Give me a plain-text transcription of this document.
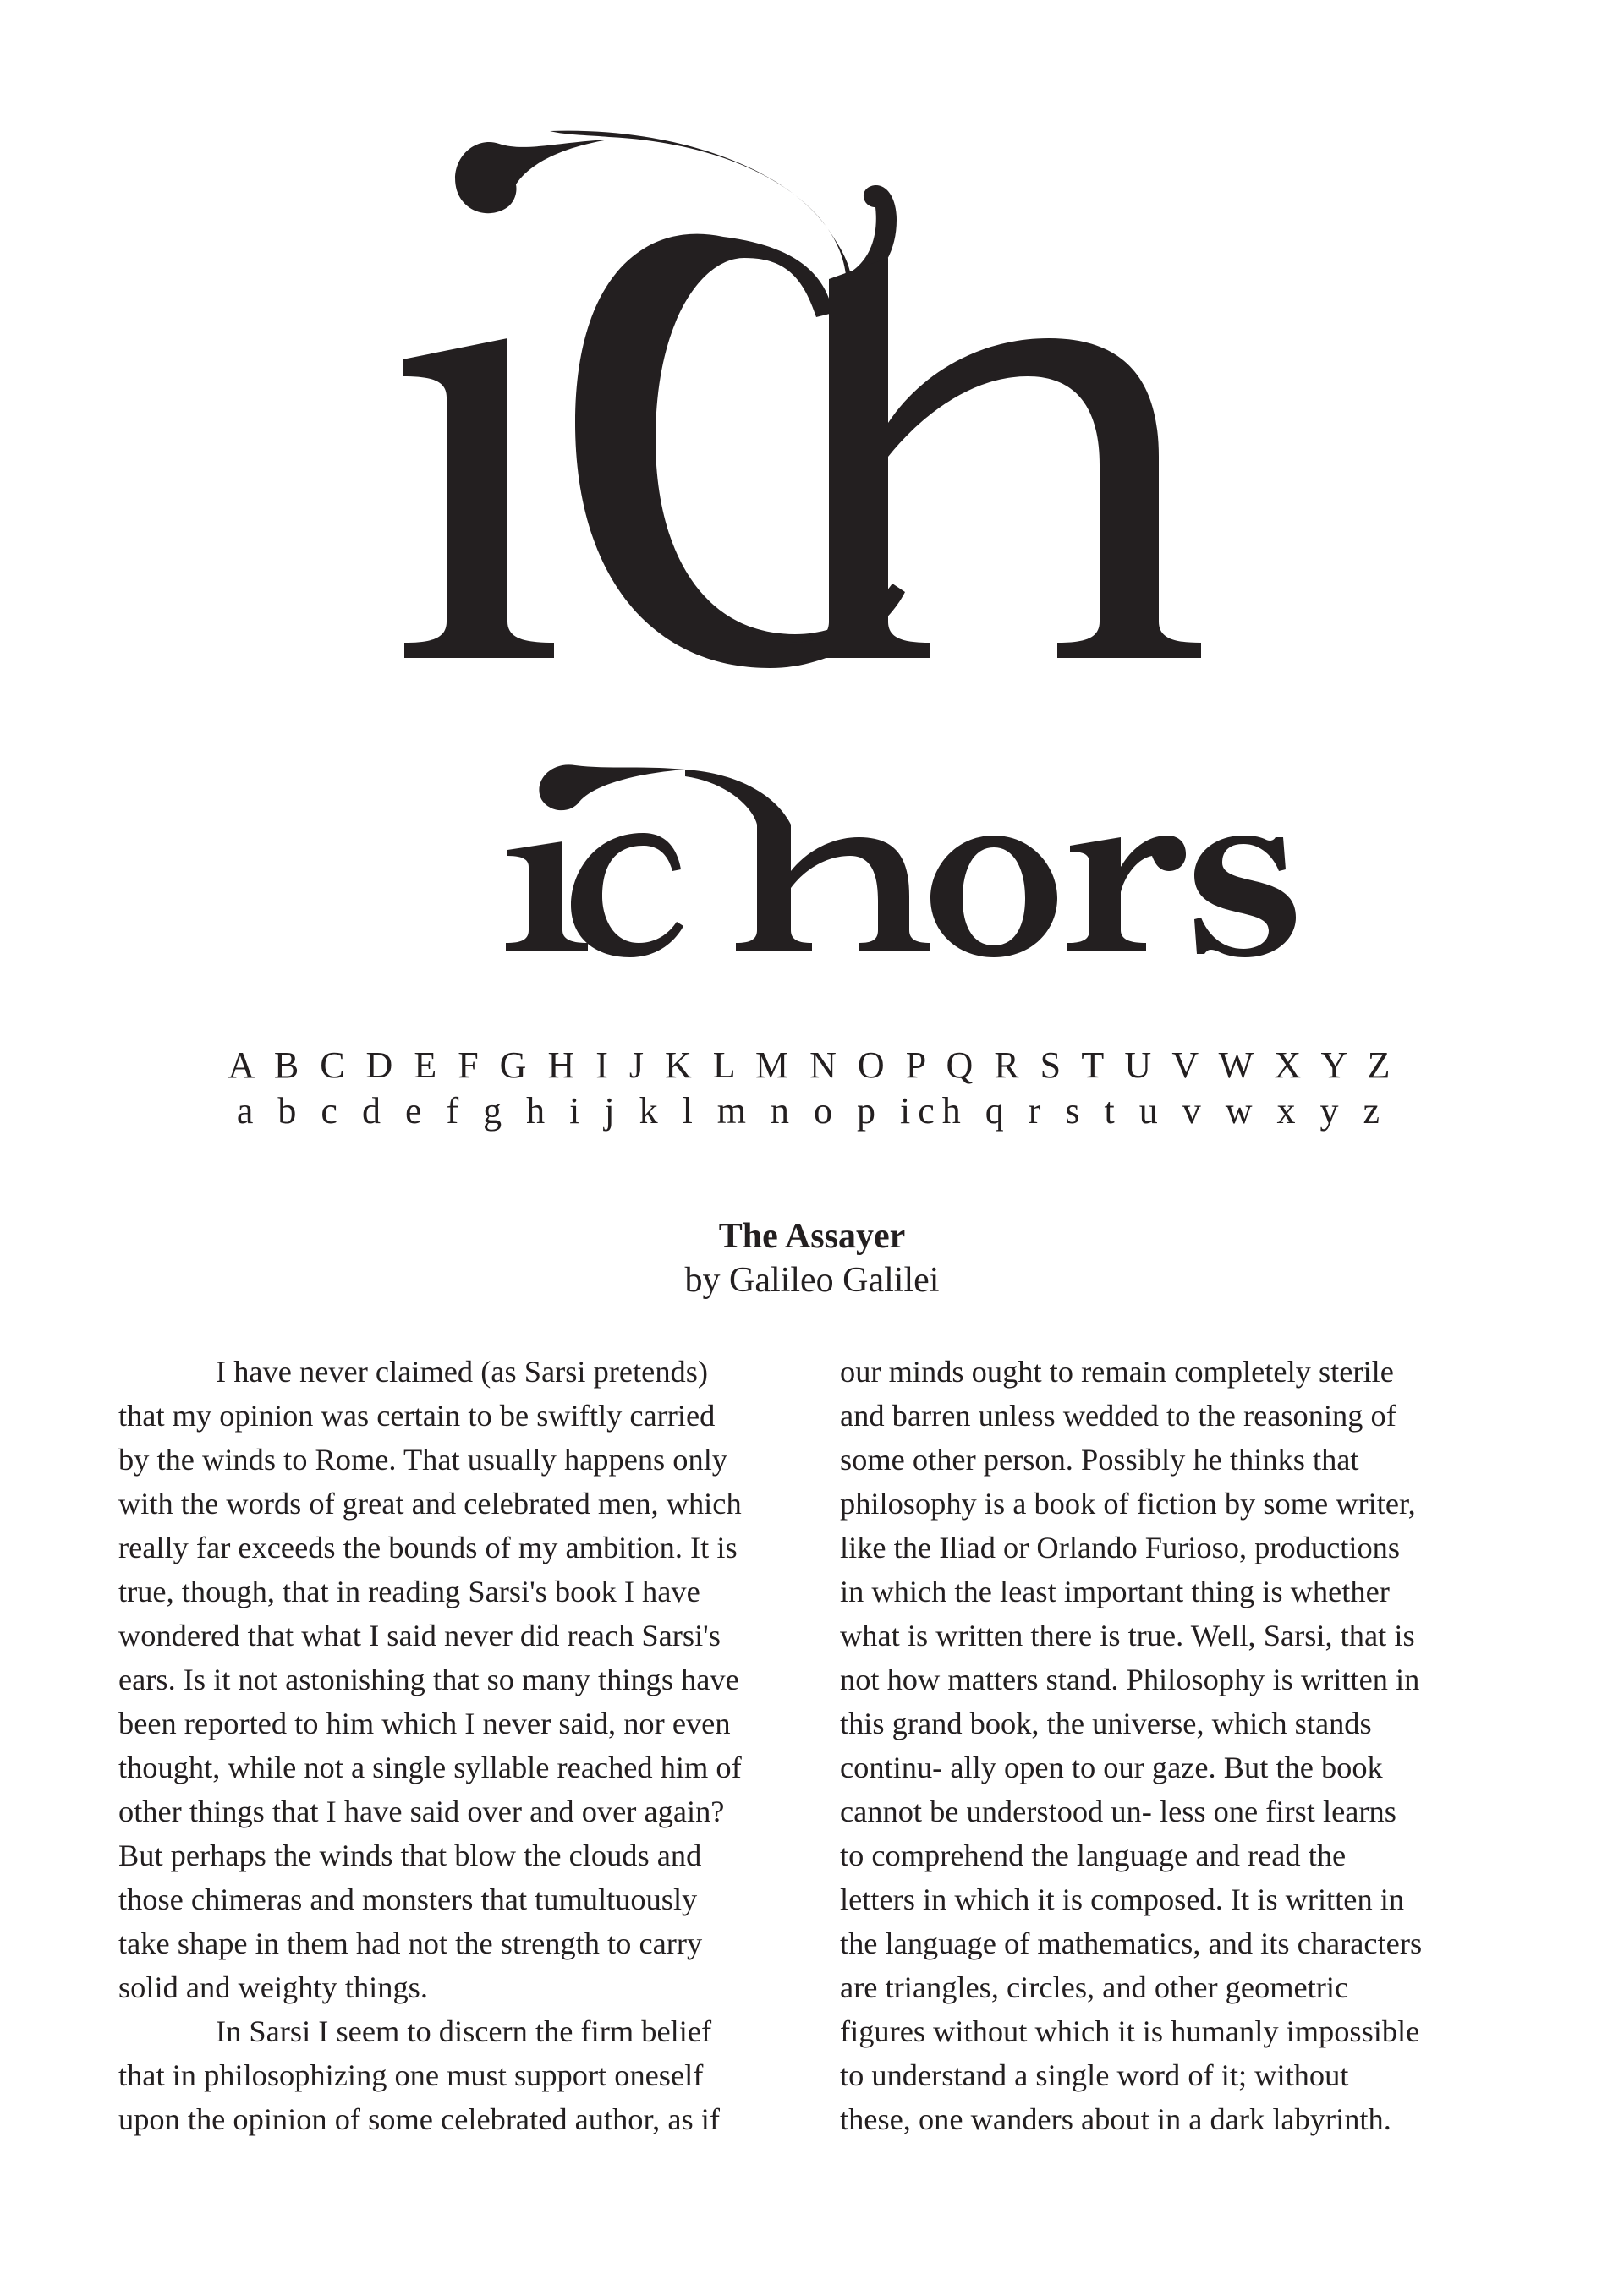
A B C D E F G H I J K L M N O P Q R S T U V W X Y Z
a b c d e f g h i j k l m n o p ich q r s t u v w x y z
The Assayer
by Galileo Galilei
I have never claimed (as Sarsi pretends)
that my opinion was certain to be swiftly carried
by the winds to Rome. That usually happens only
with the words of great and celebrated men, which
really far exceeds the bounds of my ambition. It is
true, though, that in reading Sarsi's book I have
wondered that what I said never did reach Sarsi's
ears. Is it not astonishing that so many things have
been reported to him which I never said, nor even
thought, while not a single syllable reached him of
other things that I have said over and over again?
But perhaps the winds that blow the clouds and
those chimeras and monsters that tumultuously
take shape in them had not the strength to carry
solid and weighty things.
In Sarsi I seem to discern the firm belief
that in philosophizing one must support oneself
upon the opinion of some celebrated author, as if
our minds ought to remain completely sterile
and barren unless wedded to the reasoning of
some other person. Possibly he thinks that
philosophy is a book of fiction by some writer,
like the Iliad or Orlando Furioso, productions
in which the least important thing is whether
what is written there is true. Well, Sarsi, that is
not how matters stand. Philosophy is written in
this grand book, the universe, which stands
continu- ally open to our gaze. But the book
cannot be understood un- less one first learns
to comprehend the language and read the
letters in which it is composed. It is written in
the language of mathematics, and its characters
are triangles, circles, and other geometric
figures without which it is humanly impossible
to understand a single word of it; without
these, one wanders about in a dark labyrinth.
